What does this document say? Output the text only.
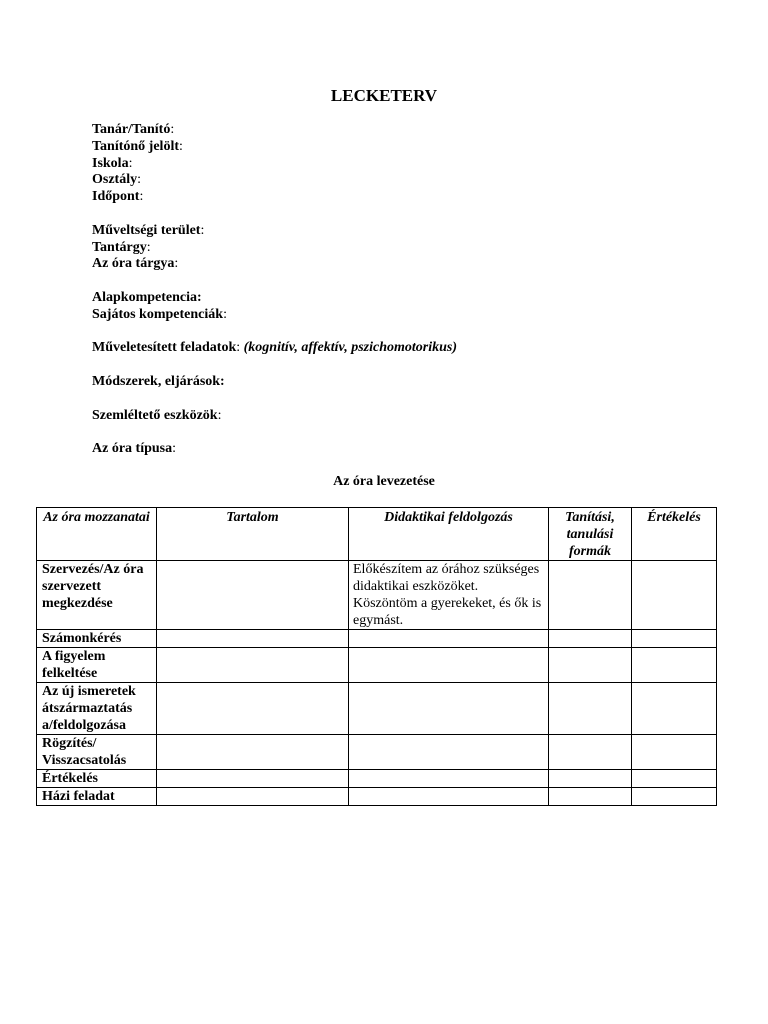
LECKETERV
Tanár/Tanító:
Tanítónő jelölt:
Iskola:
Osztály:
Időpont:
Műveltségi terület:
Tantárgy:
Az óra tárgya:
Alapkompetencia:
Sajátos kompetenciák:
Műveletesített feladatok: (kognitív, affektív, pszichomotorikus)
Módszerek, eljárások:
Szemléltető eszközök:
Az óra típusa:
Az óra levezetése
Az óra mozzanatai	Tartalom	Didaktikai feldolgozás	Tanítási, tanulási formák	Értékelés
Szervezés/Az óra szervezett megkezdése		Előkészítem az órához szükséges didaktikai eszközöket. Köszöntöm a gyerekeket, és ők is egymást.		
Számonkérés				
A figyelem felkeltése				
Az új ismeretek átszármaztatás a/feldolgozása				
Rögzítés/ Visszacsatolás				
Értékelés				
Házi feladat				
